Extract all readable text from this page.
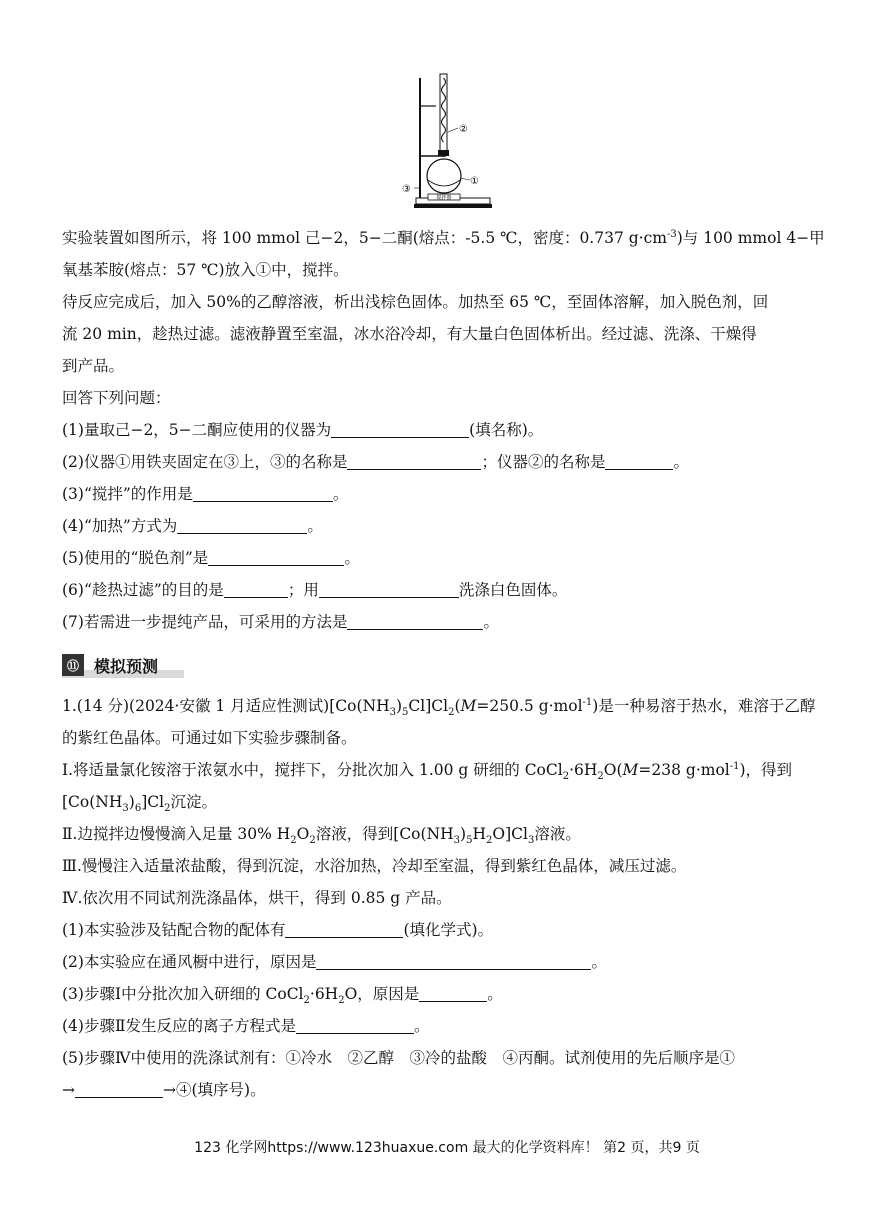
搅拌器
②
①
③
实验装置如图所示，将 100 mmol 己−2，5−二酮(熔点：-5.5 ℃，密度：0.737 $g\cdot cm^{-3}$)与 100 mmol 4−甲
氧基苯胺(熔点：57 ℃)放入①中，搅拌。
待反应完成后，加入 50%的乙醇溶液，析出浅棕色固体。加热至 65 ℃，至固体溶解，加入脱色剂，回
流 20 min，趁热过滤。滤液静置至室温，冰水浴冷却，有大量白色固体析出。经过滤、洗涤、干燥得
到产品。
回答下列问题：
(1)量取己−2，5−二酮应使用的仪器为	(填名称)。
(2)仪器①用铁夹固定在③上，③的名称是	；仪器②的名称是	。
(3)“搅拌”的作用是	。
(4)“加热”方式为	。
(5)使用的“脱色剂”是	。
(6)“趁热过滤”的目的是	；用	洗涤白色固体。
(7)若需进一步提纯产品，可采用的方法是	。
⑪ 模拟预测
1.(14 分)(2024·安徽 1 月适应性测试)$[Co(NH_3)_5Cl]Cl_2(M=250.5$ g·mol$^{-1}$)是一种易溶于热水，难溶于乙醇
的紫红色晶体。可通过如下实验步骤制备。
Ⅰ.将适量氯化铵溶于浓氨水中，搅拌下，分批次加入 1.00 g 研细的 $CoCl_2\cdot 6H_2O(M=238$ g·mol$^{-1}$)，得到
$[Co(NH_3)_6]Cl_2$沉淀。
Ⅱ.边搅拌边慢慢滴入足量 30% $H_2O_2$溶液，得到$[Co(NH_3)_5H_2O]Cl_3$溶液。
Ⅲ.慢慢注入适量浓盐酸，得到沉淀，水浴加热，冷却至室温，得到紫红色晶体，减压过滤。
Ⅳ.依次用不同试剂洗涤晶体，烘干，得到 0.85 g 产品。
(1)本实验涉及钴配合物的配体有	(填化学式)。
(2)本实验应在通风橱中进行，原因是	。
(3)步骤Ⅰ中分批次加入研细的 $CoCl_2\cdot 6H_2O$，原因是	。
(4)步骤Ⅱ发生反应的离子方程式是	。
(5)步骤Ⅳ中使用的洗涤试剂有：①冷水　②乙醇　③冷的盐酸　④丙酮。试剂使用的先后顺序是①
→	→④(填序号)。
123 化学网https://www.123huaxue.com 最大的化学资料库！ 第2 页，共9 页
